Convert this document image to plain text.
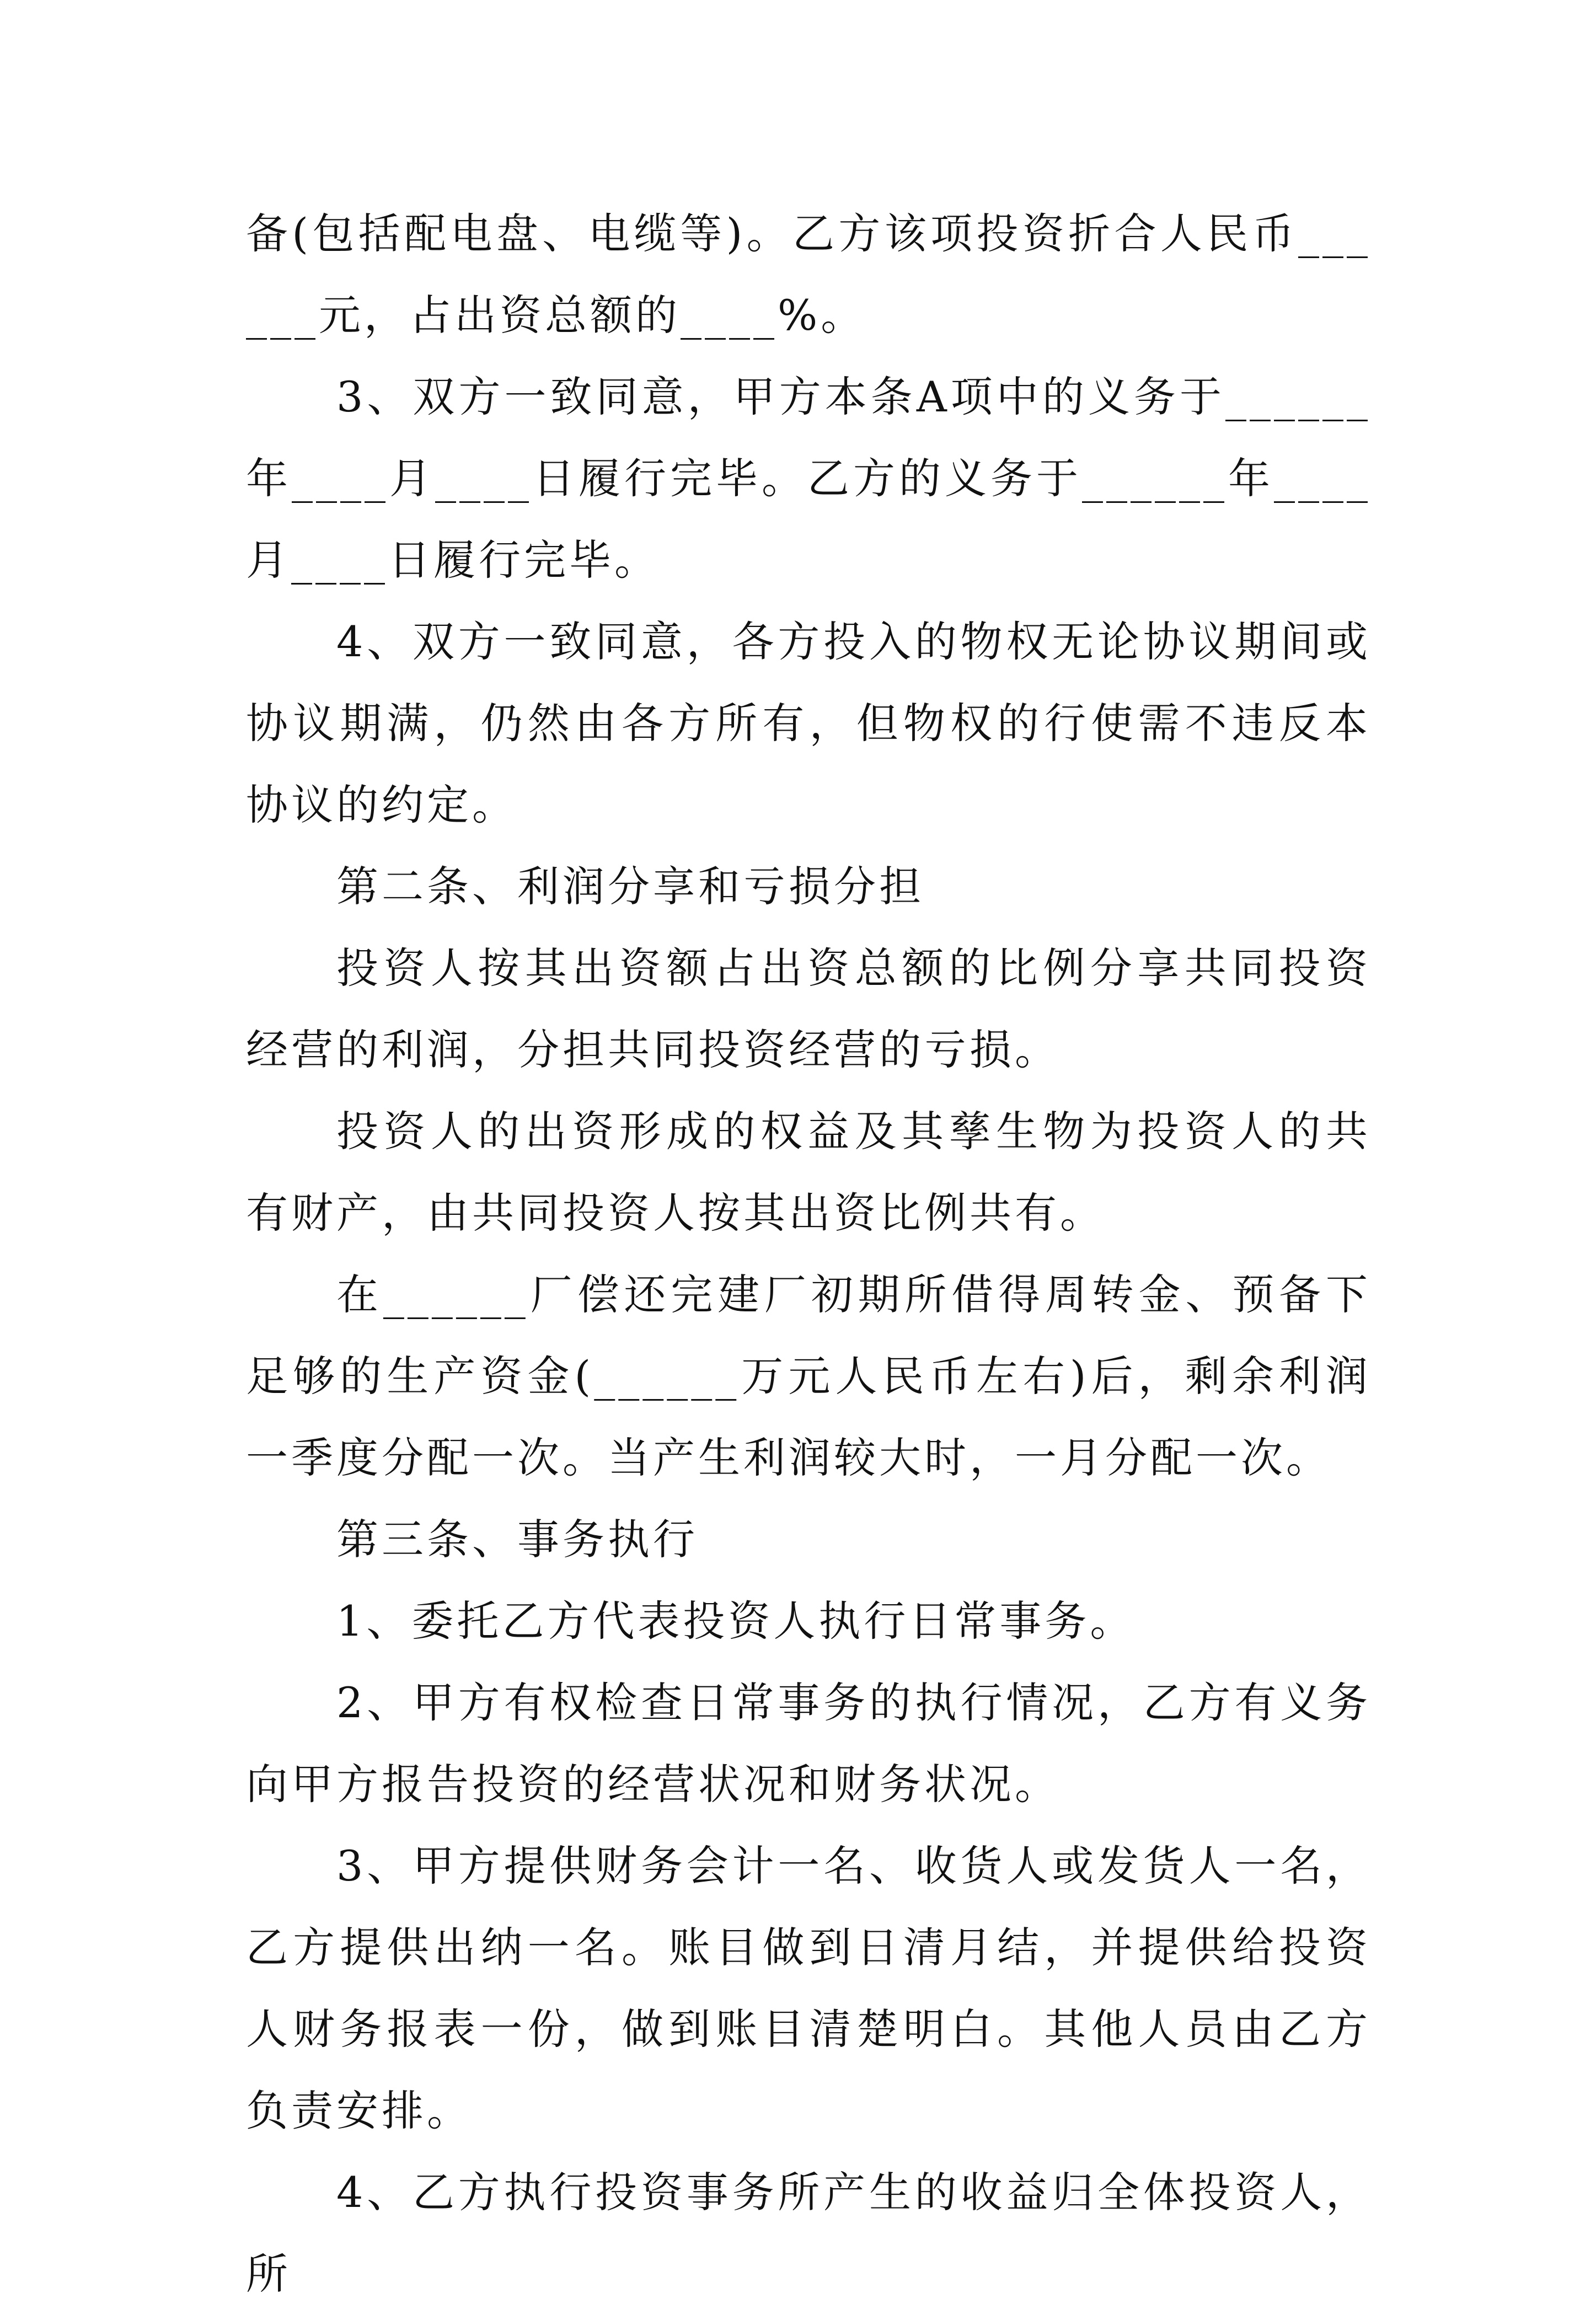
备(包括配电盘、电缆等)。乙方该项投资折合人民币______元，占出资总额的____%。

3、双方一致同意，甲方本条A项中的义务于______年____月____日履行完毕。乙方的义务于______年____月____日履行完毕。

4、双方一致同意，各方投入的物权无论协议期间或协议期满，仍然由各方所有，但物权的行使需不违反本协议的约定。

第二条、利润分享和亏损分担

投资人按其出资额占出资总额的比例分享共同投资经营的利润，分担共同投资经营的亏损。

投资人的出资形成的权益及其孳生物为投资人的共有财产，由共同投资人按其出资比例共有。

在______厂偿还完建厂初期所借得周转金、预备下足够的生产资金(______万元人民币左右)后，剩余利润一季度分配一次。当产生利润较大时，一月分配一次。

第三条、事务执行

1、委托乙方代表投资人执行日常事务。

2、甲方有权检查日常事务的执行情况，乙方有义务向甲方报告投资的经营状况和财务状况。

3、甲方提供财务会计一名、收货人或发货人一名，乙方提供出纳一名。账目做到日清月结，并提供给投资人财务报表一份，做到账目清楚明白。其他人员由乙方负责安排。

4、乙方执行投资事务所产生的收益归全体投资人，所
